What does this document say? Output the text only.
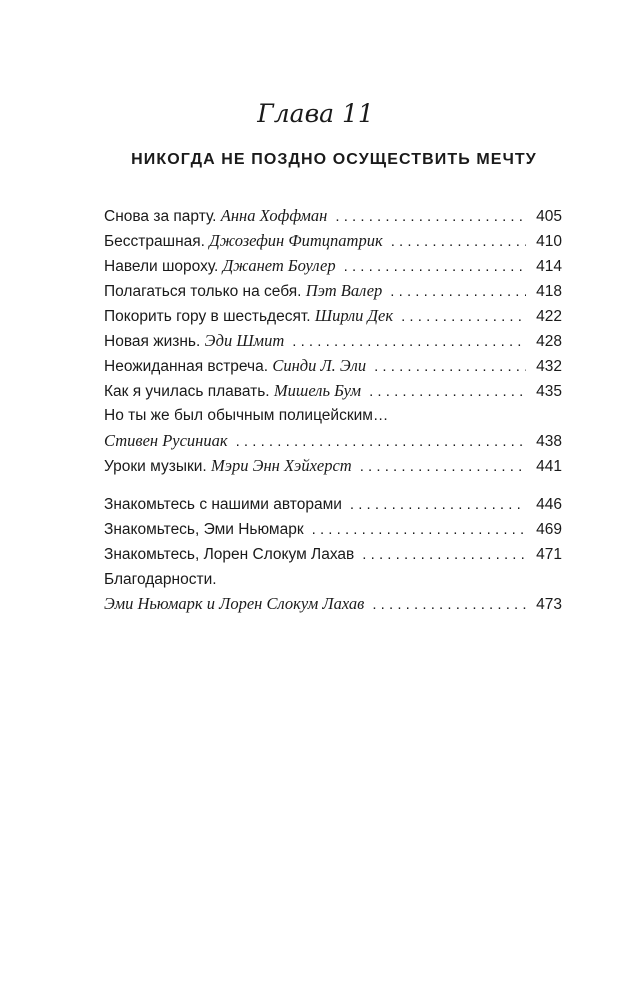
Глава 11
НИКОГДА НЕ ПОЗДНО ОСУЩЕСТВИТЬ МЕЧТУ
Снова за парту. Анна Хоффман . . .	405
Бесстрашная. Джозефин Фитцпатрик . . .	410
Навели шороху. Джанет Боулер . . .	414
Полагаться только на себя. Пэт Валер . . .	418
Покорить гору в шестьдесят. Ширли Дек . . .	422
Новая жизнь. Эди Шмит . . .	428
Неожиданная встреча. Синди Л. Эли . . .	432
Как я училась плавать. Мишель Бум . . .	435
Но ты же был обычным полицейским…
Стивен Русиниак . . .	438
Уроки музыки. Мэри Энн Хэйхерст . . .	441
Знакомьтесь с нашими авторами . . .	446
Знакомьтесь, Эми Ньюмарк . . .	469
Знакомьтесь, Лорен Слокум Лахав . . .	471
Благодарности.
Эми Ньюмарк и Лорен Слокум Лахав . . .	473
